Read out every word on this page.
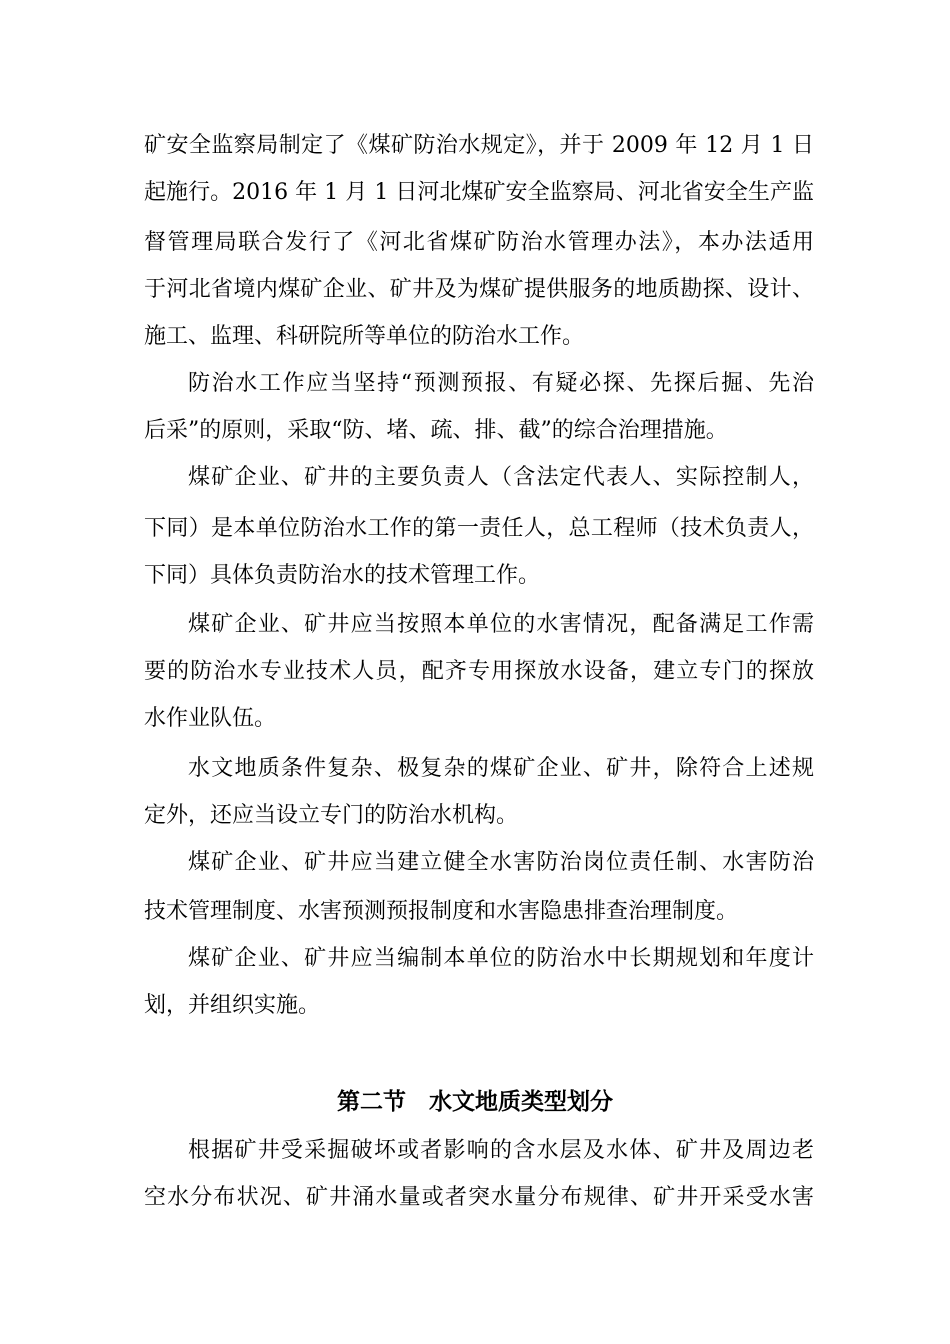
矿安全监察局制定了《煤矿防治水规定》，并于 2009 年 12 月 1 日
起施行。2016 年 1 月 1 日河北煤矿安全监察局、河北省安全生产监
督管理局联合发行了《河北省煤矿防治水管理办法》，本办法适用
于河北省境内煤矿企业、矿井及为煤矿提供服务的地质勘探、设计、
施工、监理、科研院所等单位的防治水工作。
防治水工作应当坚持“预测预报、有疑必探、先探后掘、先治
后采”的原则，采取“防、堵、疏、排、截”的综合治理措施。
煤矿企业、矿井的主要负责人（含法定代表人、实际控制人，
下同）是本单位防治水工作的第一责任人，总工程师（技术负责人，
下同）具体负责防治水的技术管理工作。
煤矿企业、矿井应当按照本单位的水害情况，配备满足工作需
要的防治水专业技术人员，配齐专用探放水设备，建立专门的探放
水作业队伍。
水文地质条件复杂、极复杂的煤矿企业、矿井，除符合上述规
定外，还应当设立专门的防治水机构。
煤矿企业、矿井应当建立健全水害防治岗位责任制、水害防治
技术管理制度、水害预测预报制度和水害隐患排查治理制度。
煤矿企业、矿井应当编制本单位的防治水中长期规划和年度计
划，并组织实施。
第二节　水文地质类型划分
根据矿井受采掘破坏或者影响的含水层及水体、矿井及周边老
空水分布状况、矿井涌水量或者突水量分布规律、矿井开采受水害
